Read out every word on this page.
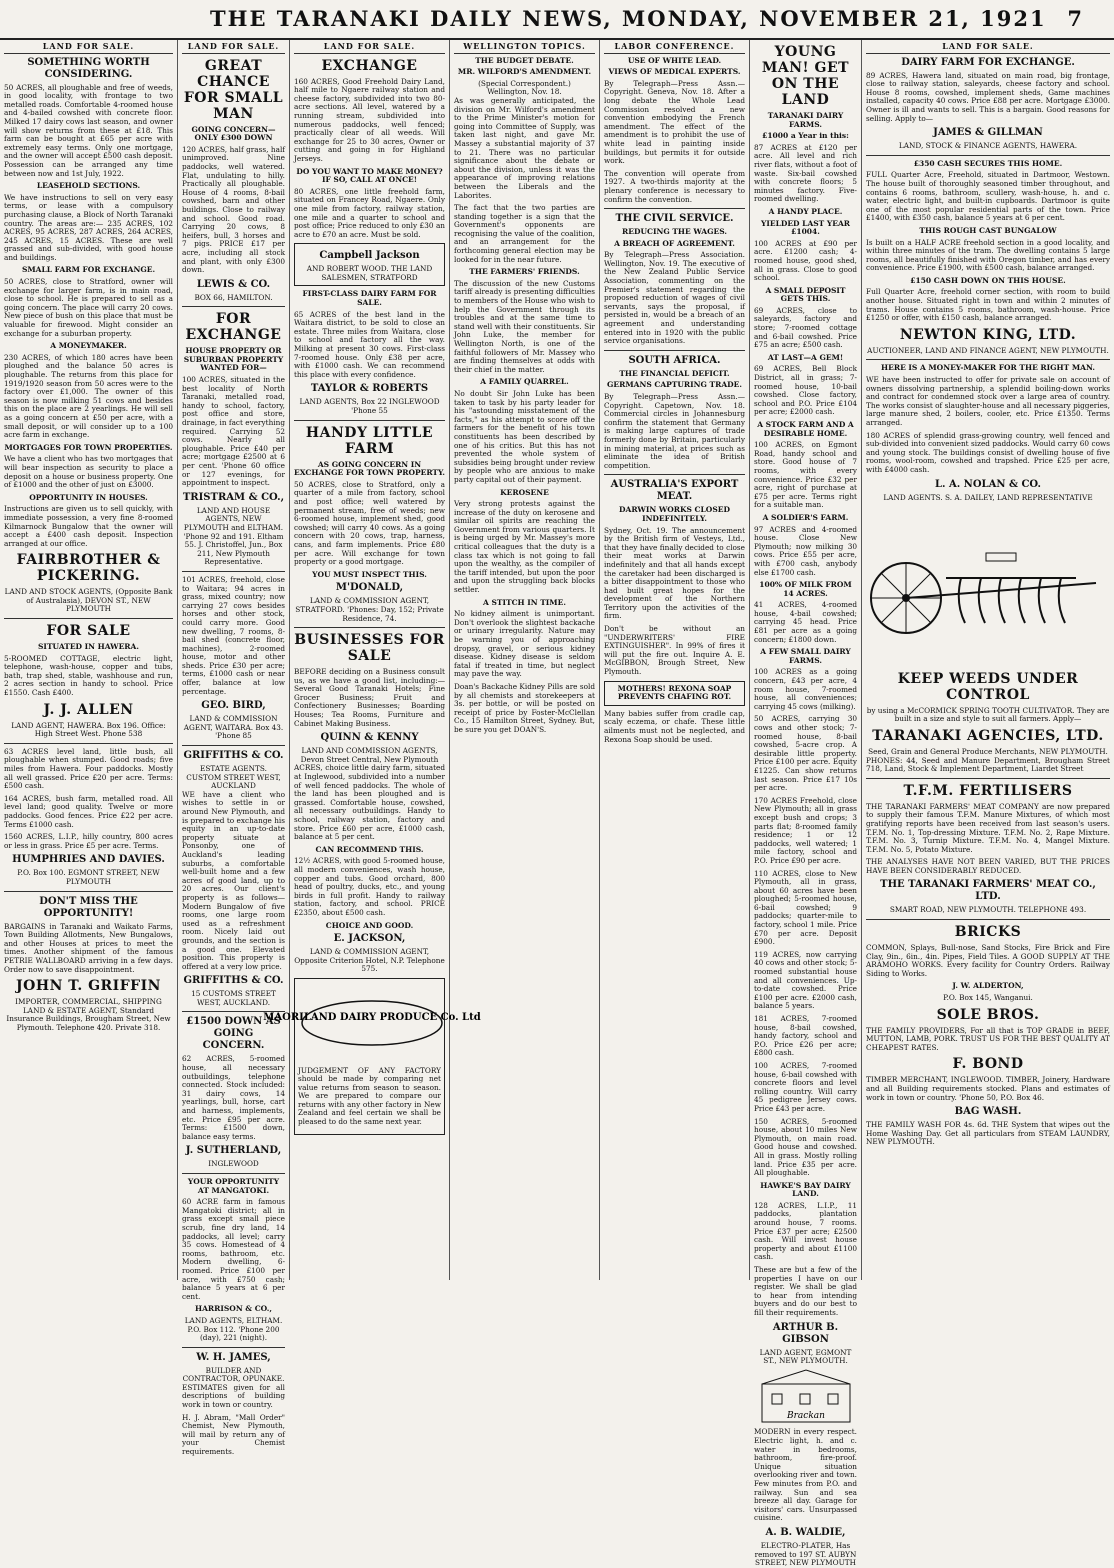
THE TARANAKI DAILY NEWS, MONDAY, NOVEMBER 21, 1921 7
LAND FOR SALE.
SOMETHING WORTH CONSIDERING.

50 ACRES, all ploughable and free of weeds, in good locality, with frontage to two metalled roads. Comfortable 4-roomed house and 4-bailed cowshed with concrete floor. Milked 17 dairy cows last season, and owner will show returns from these at £18. This farm can be bought at £65 per acre with extremely easy terms. Only one mortgage, and the owner will accept £500 cash deposit. Possession can be arranged any time between now and 1st July, 1922.

LEASEHOLD SECTIONS.

We have instructions to sell on very easy terms, or lease with a compulsory purchasing clause, a Block of North Taranaki country. The areas are:— 235 ACRES, 102 ACRES, 95 ACRES, 287 ACRES, 264 ACRES, 245 ACRES, 15 ACRES. These are well grassed and sub-divided, with good house and buildings.

SMALL FARM FOR EXCHANGE.

50 ACRES, close to Stratford, owner will exchange for larger farm, is in main road, close to school. He is prepared to sell as a going concern. The place will carry 20 cows. New piece of bush on this place that must be valuable for firewood. Might consider an exchange for a suburban property.

A MONEYMAKER.

230 ACRES, of which 180 acres have been ploughed and the balance 50 acres is ploughable. The returns from this place for 1919/1920 season from 50 acres were to the factory over £1,000. The owner of this season is now milking 51 cows and besides this on the place are 2 yearlings. He will sell as a going concern at £50 per acre, with a small deposit, or will consider up to a 100 acre farm in exchange.

MORTGAGES FOR TOWN PROPERTIES.

We have a client who has two mortgages that will bear inspection as security to place a deposit on a house or business property. One of £1000 and the other of just on £3000.

OPPORTUNITY IN HOUSES.

Instructions are given us to sell quickly, with immediate possession, a very fine 8-roomed Kilmarnock Bungalow that the owner will accept a £400 cash deposit. Inspection arranged at our office.

FAIRBROTHER & PICKERING.
LAND AND STOCK AGENTS, (Opposite Bank of Australasia), DEVON ST., NEW PLYMOUTH
FOR SALE
SITUATED IN HAWERA.

5-ROOMED COTTAGE, electric light, telephone, wash-house, copper and tubs, bath, trap shed, stable, washhouse and run, 2 acres section in handy to school. Price £1550. Cash £400.

J. J. ALLEN
LAND AGENT, HAWERA. Box 196. Office: High Street West. Phone 538

63 ACRES level land, little bush, all ploughable when stumped. Good roads; five miles from Hawera. Four paddocks. Mostly all well grassed. Price £20 per acre. Terms: £500 cash.

164 ACRES, bush farm, metalled road. All level land; good quality. Twelve or more paddocks. Good fences. Price £22 per acre. Terms £1000 cash.

1560 ACRES, L.I.P., hilly country, 800 acres or less in grass. Price £5 per acre. Terms.

HUMPHRIES AND DAVIES.
P.O. Box 100. EGMONT STREET, NEW PLYMOUTH
DON'T MISS THE OPPORTUNITY!

BARGAINS in Taranaki and Waikato Farms, Town Building Allotments, New Bungalows, and other Houses at prices to meet the times. Another shipment of the famous PETRIE WALLBOARD arriving in a few days. Order now to save disappointment.

JOHN T. GRIFFIN
IMPORTER, COMMERCIAL, SHIPPING LAND & ESTATE AGENT, Standard Insurance Buildings, Brougham Street, New Plymouth. Telephone 420. Private 318.
LAND FOR SALE.
GREAT CHANCE FOR SMALL MAN
GOING CONCERN—ONLY £300 DOWN

120 ACRES, half grass, half unimproved. Nine paddocks, well watered. Flat, undulating to hilly. Practically all ploughable. House of 4 rooms, 8-bail cowshed, barn and other buildings. Close to railway and school. Good road. Carrying 20 cows, 8 heifers, bull, 3 horses and 7 pigs. PRICE £17 per acre, including all stock and plant, with only £300 down.

LEWIS & CO.
BOX 66, HAMILTON.
FOR EXCHANGE
HOUSE PROPERTY OR SUBURBAN PROPERTY WANTED FOR—

100 ACRES, situated in the best locality of North Taranaki, metalled road, handy to school, factory, post office and store, drainage, in fact everything required. Carrying 52 cows. Nearly all ploughable. Price £40 per acre; mortgage £2500 at 6 per cent. 'Phone 60 office or 127 evenings, for appointment to inspect.

TRISTRAM & CO.,
LAND AND HOUSE AGENTS, NEW PLYMOUTH and ELTHAM. 'Phone 92 and 191. Eltham 55. J. Christoffel, Jun., Box 211, New Plymouth Representative.

101 ACRES, freehold, close to Waitara; 94 acres in grass, mixed country; now carrying 27 cows besides horses and other stock, could carry more. Good new dwelling, 7 rooms, 8-bail shed (concrete floor, machines), 2-roomed house, motor and other sheds. Price £30 per acre; terms, £1000 cash or near offer, balance at low percentage.

GEO. BIRD,
LAND & COMMISSION AGENT, WAITARA. Box 43. 'Phone 85
GRIFFITHS & CO.
ESTATE AGENTS. CUSTOM STREET WEST, AUCKLAND

WE have a client who wishes to settle in or around New Plymouth, and is prepared to exchange his equity in an up-to-date property situate at Ponsonby, one of Auckland's leading suburbs, a comfortable well-built home and a few acres of good land, up to 20 acres. Our client's property is as follows—Modern Bungalow of five rooms, one large room used as a refreshment room. Nicely laid out grounds, and the section is a good one. Elevated position. This property is offered at a very low price.

GRIFFITHS & CO.
15 CUSTOMS STREET WEST, AUCKLAND.
£1500 DOWN AS GOING CONCERN.

62 ACRES, 5-roomed house, all necessary outbuildings, telephone connected. Stock included: 31 dairy cows, 14 yearlings, bull, horse, cart and harness, implements, etc. Price £95 per acre. Terms: £1500 down, balance easy terms.

J. SUTHERLAND,
INGLEWOOD
YOUR OPPORTUNITY AT MANGATOKI.

60 ACRE farm in famous Mangatoki district; all in grass except small piece scrub, fine dry land, 14 paddocks, all level; carry 35 cows. Homestead of 4 rooms, bathroom, etc. Modern dwelling, 6-roomed. Price £100 per acre, with £750 cash; balance 5 years at 6 per cent.

HARRISON & CO.,
LAND AGENTS, ELTHAM. P.O. Box 112. 'Phone 200 (day), 221 (night).
W. H. JAMES,
BUILDER AND CONTRACTOR, OPUNAKE.

ESTIMATES given for all descriptions of building work in town or country.

H. J. Abram, "Mall Order" Chemist, New Plymouth, will mail by return any of your Chemist requirements.

LAND FOR SALE.
EXCHANGE

160 ACRES, Good Freehold Dairy Land, half mile to Ngaere railway station and cheese factory, subdivided into two 80-acre sections. All level, watered by a running stream, subdivided into numerous paddocks, well fenced; practically clear of all weeds. Will exchange for 25 to 30 acres, Owner or cutting and going in for Highland Jerseys.

DO YOU WANT TO MAKE MONEY? IF SO, CALL AT ONCE!

80 ACRES, one little freehold farm, situated on Francey Road, Ngaere. Only one mile from factory, railway station, one mile and a quarter to school and post office; Price reduced to only £30 an acre to £70 an acre. Must be sold.

Campbell Jackson
AND ROBERT WOOD. THE LAND SALESMEN, STRATFORD
FIRST-CLASS DAIRY FARM FOR SALE.

65 ACRES of the best land in the Waitara district, to be sold to close an estate. Three miles from Waitara, close to school and factory all the way. Milking at present 30 cows. First-class 7-roomed house. Only £38 per acre, with £1000 cash. We can recommend this place with every confidence.

TAYLOR & ROBERTS
LAND AGENTS, Box 22 INGLEWOOD 'Phone 55
HANDY LITTLE FARM
AS GOING CONCERN IN EXCHANGE FOR TOWN PROPERTY.

50 ACRES, close to Stratford, only a quarter of a mile from factory, school and post office; well watered by permanent stream, free of weeds; new 6-roomed house, implement shed, good cowshed; will carry 40 cows. As a going concern with 20 cows, trap, harness, cans, and farm implements. Price £80 per acre. Will exchange for town property or a good mortgage.

YOU MUST INSPECT THIS.
M'DONALD,
LAND & COMMISSION AGENT, STRATFORD. 'Phones: Day, 152; Private Residence, 74.
BUSINESSES FOR SALE

BEFORE deciding on a Business consult us, as we have a good list, including:—Several Good Taranaki Hotels; Fine Grocer Business; Fruit and Confectionery Businesses; Boarding Houses; Tea Rooms, Furniture and Cabinet Making Business.

QUINN & KENNY
LAND AND COMMISSION AGENTS, Devon Street Central, New Plymouth

ACRES, choice little dairy farm, situated at Inglewood, subdivided into a number of well fenced paddocks. The whole of the land has been ploughed and is grassed. Comfortable house, cowshed, all necessary outbuildings. Handy to school, railway station, factory and store. Price £60 per acre, £1000 cash, balance at 5 per cent.

CAN RECOMMEND THIS.

12½ ACRES, with good 5-roomed house, all modern conveniences, wash house, copper and tubs. Good orchard, 800 head of poultry, ducks, etc., and young birds in full profit. Handy to railway station, factory, and school. PRICE £2350, about £500 cash.

CHOICE AND GOOD.
E. JACKSON,
LAND & COMMISSION AGENT, Opposite Criterion Hotel, N.P. Telephone 575.
MAORILAND DAIRY PRODUCE Co. Ltd

JUDGEMENT OF ANY FACTORY should be made by comparing net value returns from season to season. We are prepared to compare our returns with any other factory in New Zealand and feel certain we shall be pleased to do the same next year.

WELLINGTON TOPICS.
THE BUDGET DEBATE.
MR. WILFORD'S AMENDMENT.
(Special Correspondent.)
Wellington, Nov. 18.

As was generally anticipated, the division on Mr. Wilford's amendment to the Prime Minister's motion for going into Committee of Supply, was taken last night, and gave Mr. Massey a substantial majority of 37 to 21. There was no particular significance about the debate or about the division, unless it was the appearance of improving relations between the Liberals and the Laborites.

The fact that the two parties are standing together is a sign that the Government's opponents are recognising the value of the coalition, and an arrangement for the forthcoming general election may be looked for in the near future.

THE FARMERS' FRIENDS.

The discussion of the new Customs tariff already is presenting difficulties to members of the House who wish to help the Government through its troubles and at the same time to stand well with their constituents. Sir John Luke, the member for Wellington North, is one of the faithful followers of Mr. Massey who are finding themselves at odds with their chief in the matter.

A FAMILY QUARREL.

No doubt Sir John Luke has been taken to task by his party leader for his "astounding misstatement of the facts," as his attempt to score off the farmers for the benefit of his town constituents has been described by one of his critics. But this has not prevented the whole system of subsidies being brought under review by people who are anxious to make party capital out of their payment.

KEROSENE

Very strong protests against the increase of the duty on kerosene and similar oil spirits are reaching the Government from various quarters. It is being urged by Mr. Massey's more critical colleagues that the duty is a class tax which is not going to fall upon the wealthy, as the compiler of the tariff intended, but upon the poor and upon the struggling back blocks settler.

A STITCH IN TIME.

No kidney ailment is unimportant. Don't overlook the slightest backache or urinary irregularity. Nature may be warning you of approaching dropsy, gravel, or serious kidney disease. Kidney disease is seldom fatal if treated in time, but neglect may pave the way.

Doan's Backache Kidney Pills are sold by all chemists and storekeepers at 3s. per bottle, or will be posted on receipt of price by Foster-McClellan Co., 15 Hamilton Street, Sydney. But, be sure you get DOAN'S.

LABOR CONFERENCE.
USE OF WHITE LEAD.
VIEWS OF MEDICAL EXPERTS.

By Telegraph—Press Assn.—Copyright. Geneva, Nov. 18. After a long debate the Whole Lead Commission resolved a new convention embodying the French amendment. The effect of the amendment is to prohibit the use of white lead in painting inside buildings, but permits it for outside work.

The convention will operate from 1927. A two-thirds majority at the plenary conference is necessary to confirm the convention.

THE CIVIL SERVICE.
REDUCING THE WAGES.
A BREACH OF AGREEMENT.

By Telegraph—Press Association. Wellington, Nov. 19. The executive of the New Zealand Public Service Association, commenting on the Premier's statement regarding the proposed reduction of wages of civil servants, says the proposal, if persisted in, would be a breach of an agreement and understanding entered into in 1920 with the public service organisations.

SOUTH AFRICA.
THE FINANCIAL DEFICIT.
GERMANS CAPTURING TRADE.

By Telegraph—Press Assn.—Copyright. Capetown, Nov. 18. Commercial circles in Johannesburg confirm the statement that Germany is making large captures of trade formerly done by Britain, particularly in mining material, at prices such as eliminate the idea of British competition.

AUSTRALIA'S EXPORT MEAT.
DARWIN WORKS CLOSED INDEFINITELY.

Sydney, Oct. 19. The announcement by the British firm of Vesteys, Ltd., that they have finally decided to close their meat works at Darwin indefinitely and that all hands except the caretaker had been discharged is a bitter disappointment to those who had built great hopes for the development of the Northern Territory upon the activities of the firm.

Don't be without an "UNDERWRITERS' FIRE EXTINGUISHER". In 99% of fires it will put the fire out. Inquire A. E. McGIBBON, Brough Street, New Plymouth.

MOTHERS! REXONA SOAP PREVENTS CHAFING ROT.

Many babies suffer from cradle cap, scaly eczema, or chafe. These little ailments must not be neglected, and Rexona Soap should be used.

YOUNG MAN! GET ON THE LAND
TARANAKI DAIRY FARMS.
£1000 a Year in this:

87 ACRES at £120 per acre. All level and rich river flats, without a foot of waste. Six-bail cowshed with concrete floors; 5 minutes factory. Five-roomed dwelling.

A HANDY PLACE.
YIELDED LAST YEAR £1004.

100 ACRES at £90 per acre. £1200 cash; 4-roomed house, good shed, all in grass. Close to good school.

A SMALL DEPOSIT GETS THIS.

69 ACRES, close to saleyards, factory and store; 7-roomed cottage and 6-bail cowshed. Price £75 an acre; £500 cash.

AT LAST—A GEM!

69 ACRES, Bell Block District, all in grass; 7-roomed house, 10-bail cowshed. Close factory, school and P.O. Price £104 per acre; £2000 cash.

A STOCK FARM AND A DESIRABLE HOME.

100 ACRES, on Egmont Road, handy school and store. Good house of 7 rooms, with every convenience. Price £32 per acre, right of purchase at £75 per acre. Terms right for a suitable man.

A SOLDIER'S FARM.

97 ACRES and 4-roomed house. Close New Plymouth; now milking 30 cows. Price £55 per acre, with £700 cash, anybody else £1700 cash.

100% OF MILK FROM 14 ACRES.

41 ACRES, 4-roomed house, 4-bail cowshed; carrying 45 head. Price £81 per acre as a going concern; £1800 down.

A FEW SMALL DAIRY FARMS.

100 ACRES as a going concern, £43 per acre, 4 room house, 7-roomed house, all conveniences; carrying 45 cows (milking).

50 ACRES, carrying 30 cows and other stock; 7-roomed house, 8-bail cowshed, 5-acre crop. A desirable little property. Price £100 per acre. Equity £1225. Can show returns last season. Price £17 10s per acre.

170 ACRES Freehold, close New Plymouth; all in grass except bush and crops; 3 parts flat; 8-roomed family residence; 1 or 12 paddocks, well watered; 1 mile factory, school and P.O. Price £90 per acre.

110 ACRES, close to New Plymouth, all in grass, about 60 acres have been ploughed; 5-roomed house, 6-bail cowshed; 9 paddocks; quarter-mile to factory, school 1 mile. Price £70 per acre. Deposit £900.

119 ACRES, now carrying 40 cows and other stock; 5-roomed substantial house and all conveniences. Up-to-date cowshed. Price £100 per acre. £2000 cash, balance 5 years.

181 ACRES, 7-roomed house, 8-bail cowshed, handy factory, school and P.O. Price £26 per acre; £800 cash.

100 ACRES, 7-roomed house, 6-bail cowshed with concrete floors and level rolling country. Will carry 45 pedigree Jersey cows. Price £43 per acre.

150 ACRES, 5-roomed house, about 10 miles New Plymouth, on main road. Good house and cowshed. All in grass. Mostly rolling land. Price £35 per acre. All ploughable.

HAWKE'S BAY DAIRY LAND.

128 ACRES, L.I.P., 11 paddocks, plantation around house, 7 rooms. Price £37 per acre; £2500 cash. Will invest house property and about £1100 cash.

These are but a few of the properties I have on our register. We shall be glad to hear from intending buyers and do our best to fill their requirements.

ARTHUR B. GIBSON
LAND AGENT, EGMONT ST., NEW PLYMOUTH.
Brackan

MODERN in every respect. Electric light, h. and c. water in bedrooms, bathroom, fire-proof. Unique situation overlooking river and town. Few minutes from P.O. and railway. Sun and sea breeze all day. Garage for visitors' cars. Unsurpassed cuisine.

A. B. WALDIE,
ELECTRO-PLATER, Has removed to 197 ST. AUBYN STREET, NEW PLYMOUTH
LAND FOR SALE.
DAIRY FARM FOR EXCHANGE.

89 ACRES, Hawera land, situated on main road, big frontage, close to railway station, saleyards, cheese factory and school. House 8 rooms, cowshed, implement sheds, Game machines installed, capacity 40 cows. Price £88 per acre. Mortgage £3000. Owner is ill and wants to sell. This is a bargain. Good reasons for selling. Apply to—

JAMES & GILLMAN
LAND, STOCK & FINANCE AGENTS, HAWERA.
£350 CASH SECURES THIS HOME.

FULL Quarter Acre, Freehold, situated in Dartmoor, Westown. The house built of thoroughly seasoned timber throughout, and contains 6 rooms, bathroom, scullery, wash-house, h. and c. water, electric light, and built-in cupboards. Dartmoor is quite one of the most popular residential parts of the town. Price £1400, with £350 cash, balance 5 years at 6 per cent.

THIS ROUGH CAST BUNGALOW

Is built on a HALF ACRE freehold section in a good locality, and within three minutes of the tram. The dwelling contains 5 large rooms, all beautifully finished with Oregon timber, and has every convenience. Price £1900, with £500 cash, balance arranged.

£150 CASH DOWN ON THIS HOUSE.

Full Quarter Acre, freehold corner section, with room to build another house. Situated right in town and within 2 minutes of trams. House contains 5 rooms, bathroom, wash-house. Price £1250 or offer, with £150 cash, balance arranged.

NEWTON KING, LTD.
AUCTIONEER, LAND AND FINANCE AGENT, NEW PLYMOUTH.
HERE IS A MONEY-MAKER FOR THE RIGHT MAN.

WE have been instructed to offer for private sale on account of owners dissolving partnership, a splendid boiling-down works and contract for condemned stock over a large area of country. The works consist of slaughter-house and all necessary piggeries, large manure shed, 2 boilers, cooler, etc. Price £1350. Terms arranged.

180 ACRES of splendid grass-growing country, well fenced and sub-divided into convenient sized paddocks. Would carry 60 cows and young stock. The buildings consist of dwelling house of five rooms, wool-room, cowshed and trapshed. Price £25 per acre, with £4000 cash.

L. A. NOLAN & CO.
LAND AGENTS. S. A. DAILEY, LAND REPRESENTATIVE
KEEP WEEDS UNDER CONTROL
by using a McCORMICK SPRING TOOTH CULTIVATOR. They are built in a size and style to suit all farmers. Apply—
TARANAKI AGENCIES, LTD.
Seed, Grain and General Produce Merchants, NEW PLYMOUTH.

PHONES: 44, Seed and Manure Department, Brougham Street 718, Land, Stock & Implement Department, Liardet Street

T.F.M. FERTILISERS

THE TARANAKI FARMERS' MEAT COMPANY are now prepared to supply their famous T.F.M. Manure Mixtures, of which most gratifying reports have been received from last season's users. T.F.M. No. 1, Top-dressing Mixture. T.F.M. No. 2, Rape Mixture. T.F.M. No. 3, Turnip Mixture. T.F.M. No. 4, Mangel Mixture. T.F.M. No. 5, Potato Mixture.

THE ANALYSES HAVE NOT BEEN VARIED, BUT THE PRICES HAVE BEEN CONSIDERABLY REDUCED.

THE TARANAKI FARMERS' MEAT CO., LTD.
SMART ROAD, NEW PLYMOUTH. TELEPHONE 493.
BRICKS

COMMON, Splays, Bull-nose, Sand Stocks, Fire Brick and Fire Clay, 9in., 6in., 4in. Pipes, Field Tiles. A GOOD SUPPLY AT THE ARAMOHO WORKS. Every facility for Country Orders. Railway Siding to Works.

J. W. ALDERTON,
P.O. Box 145, Wanganui.
SOLE BROS.

THE FAMILY PROVIDERS, For all that is TOP GRADE in BEEF, MUTTON, LAMB, PORK. TRUST US FOR THE BEST QUALITY AT CHEAPEST RATES.

F. BOND

TIMBER MERCHANT, INGLEWOOD. TIMBER, Joinery, Hardware and all Building requirements stocked. Plans and estimates of work in town or country. 'Phone 50, P.O. Box 46.

BAG WASH.

THE FAMILY WASH FOR 4s. 6d. THE System that wipes out the Home Washing Day. Get all particulars from STEAM LAUNDRY, NEW PLYMOUTH.
